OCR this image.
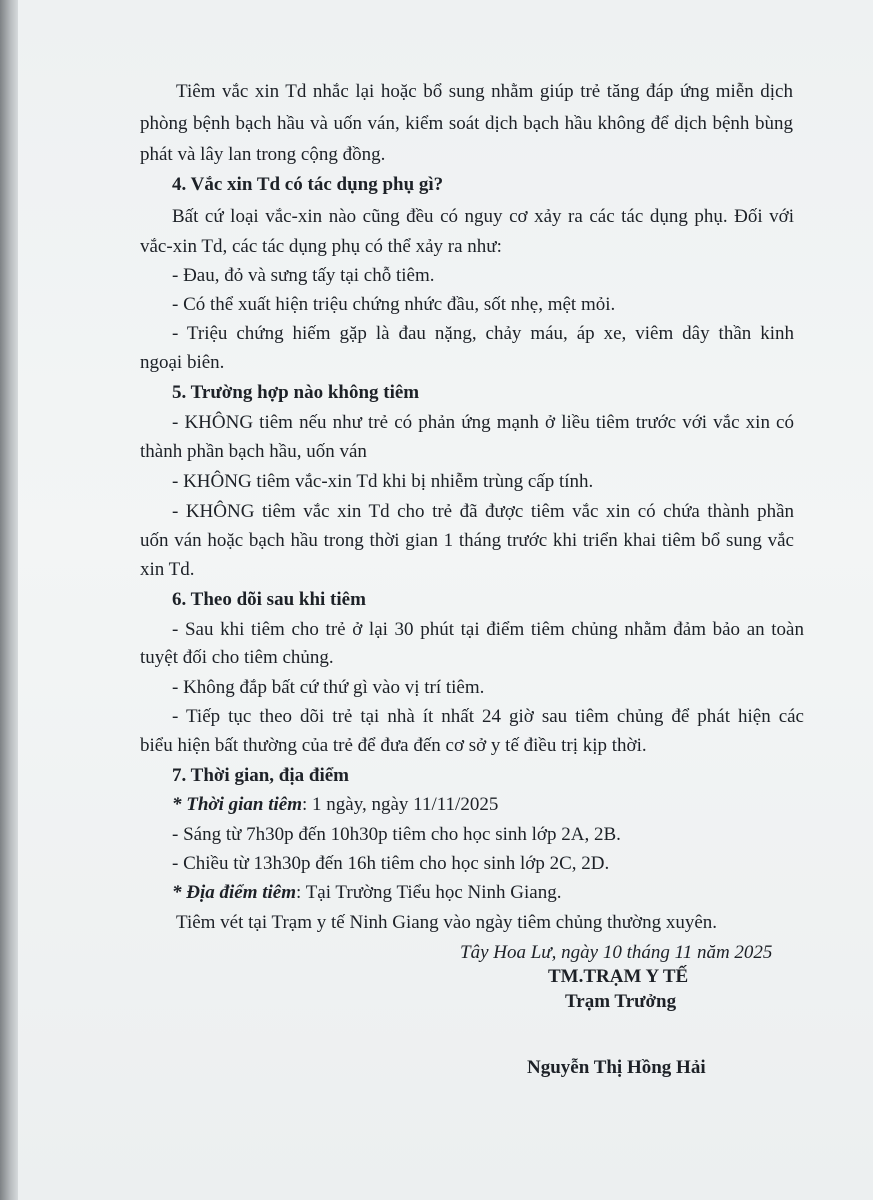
Tiêm vắc xin Td nhắc lại hoặc bổ sung nhằm giúp trẻ tăng đáp ứng miễn dịch
phòng bệnh bạch hầu và uốn ván, kiểm soát dịch bạch hầu không để dịch bệnh bùng
phát và lây lan trong cộng đồng.
4. Vắc xin Td có tác dụng phụ gì?
Bất cứ loại vắc-xin nào cũng đều có nguy cơ xảy ra các tác dụng phụ. Đối với
vắc-xin Td, các tác dụng phụ có thể xảy ra như:
- Đau, đỏ và sưng tấy tại chỗ tiêm.
- Có thể xuất hiện triệu chứng nhức đầu, sốt nhẹ, mệt mỏi.
- Triệu chứng hiếm gặp là đau nặng, chảy máu, áp xe, viêm dây thần kinh
ngoại biên.
5. Trường hợp nào không tiêm
- KHÔNG tiêm nếu như trẻ có phản ứng mạnh ở liều tiêm trước với vắc xin có
thành phần bạch hầu, uốn ván
- KHÔNG tiêm vắc-xin Td khi bị nhiễm trùng cấp tính.
- KHÔNG tiêm vắc xin Td cho trẻ đã được tiêm vắc xin có chứa thành phần
uốn ván hoặc bạch hầu trong thời gian 1 tháng trước khi triển khai tiêm bổ sung vắc
xin Td.
6. Theo dõi sau khi tiêm
- Sau khi tiêm cho trẻ ở lại 30 phút tại điểm tiêm chủng nhằm đảm bảo an toàn
tuyệt đối cho tiêm chủng.
- Không đắp bất cứ thứ gì vào vị trí tiêm.
- Tiếp tục theo dõi trẻ tại nhà ít nhất 24 giờ sau tiêm chủng để phát hiện các
biểu hiện bất thường của trẻ để đưa đến cơ sở y tế điều trị kịp thời.
7. Thời gian, địa điểm
* Thời gian tiêm: 1 ngày, ngày 11/11/2025
- Sáng từ 7h30p đến 10h30p tiêm cho học sinh lớp 2A, 2B.
- Chiều từ 13h30p đến 16h tiêm cho học sinh lớp 2C, 2D.
* Địa điểm tiêm: Tại Trường Tiểu học Ninh Giang.
Tiêm vét tại Trạm y tế Ninh Giang vào ngày tiêm chủng thường xuyên.
Tây Hoa Lư, ngày 10 tháng 11 năm 2025
TM.TRẠM Y TẾ
Trạm Trưởng
Nguyễn Thị Hồng Hải
